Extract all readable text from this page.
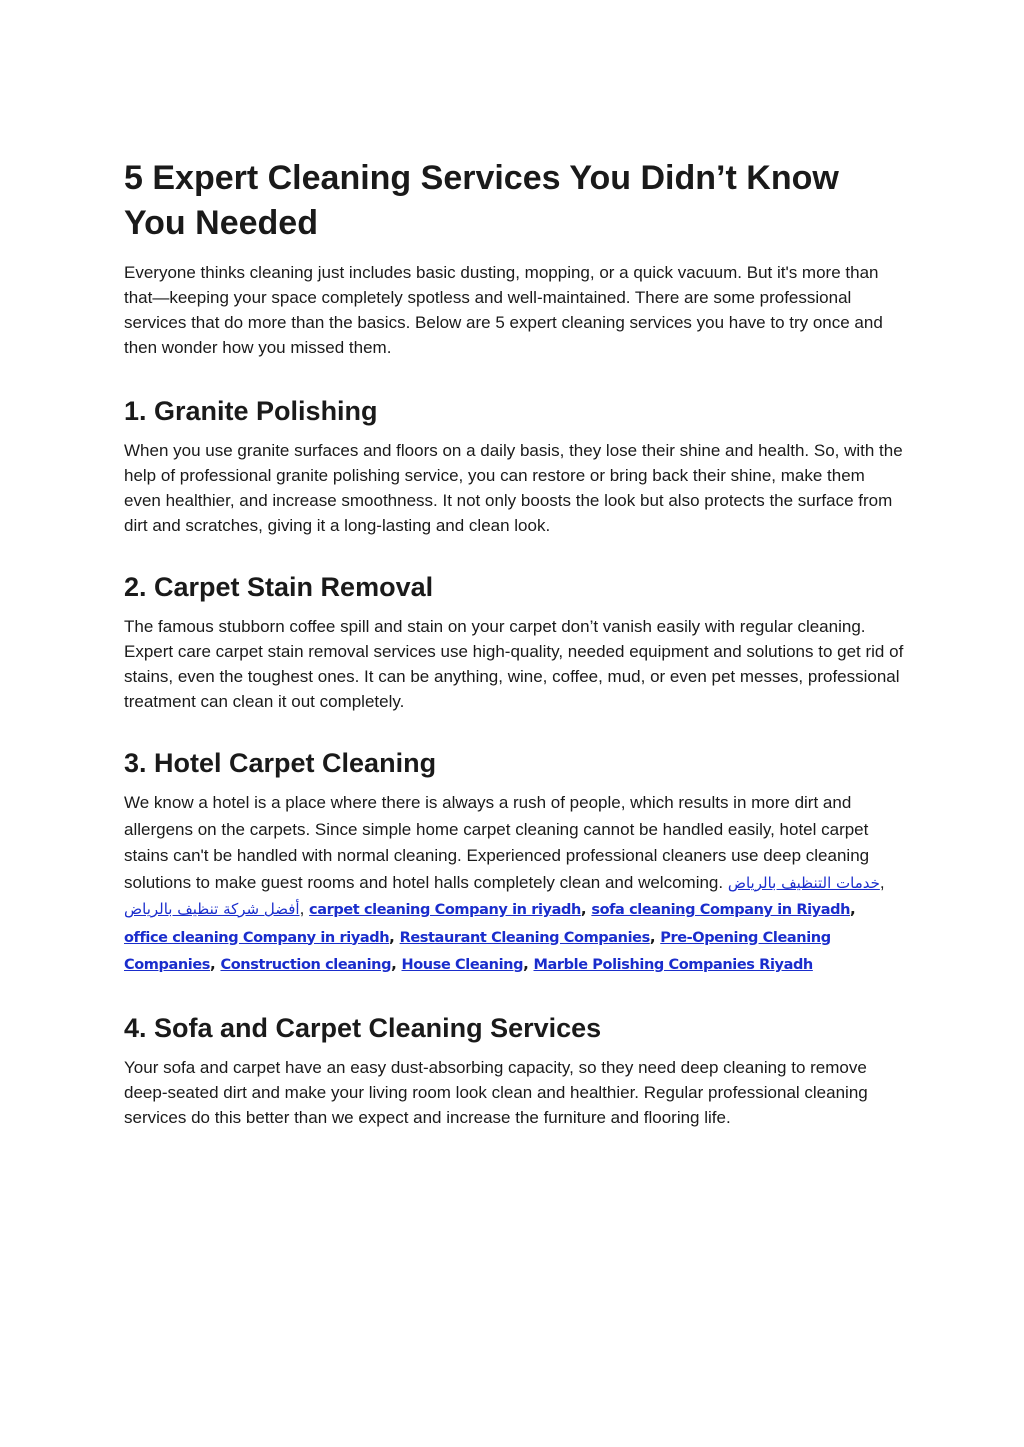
5 Expert Cleaning Services You Didn’t Know You Needed

Everyone thinks cleaning just includes basic dusting, mopping, or a quick vacuum. But it's more than that—keeping your space completely spotless and well-maintained. There are some professional services that do more than the basics. Below are 5 expert cleaning services you have to try once and then wonder how you missed them.

1. Granite Polishing

When you use granite surfaces and floors on a daily basis, they lose their shine and health. So, with the help of professional granite polishing service, you can restore or bring back their shine, make them even healthier, and increase smoothness. It not only boosts the look but also protects the surface from dirt and scratches, giving it a long-lasting and clean look.

2. Carpet Stain Removal

The famous stubborn coffee spill and stain on your carpet don’t vanish easily with regular cleaning. Expert care carpet stain removal services use high-quality, needed equipment and solutions to get rid of stains, even the toughest ones. It can be anything, wine, coffee, mud, or even pet messes, professional treatment can clean it out completely.

3. Hotel Carpet Cleaning

We know a hotel is a place where there is always a rush of people, which results in more dirt and allergens on the carpets. Since simple home carpet cleaning cannot be handled easily, hotel carpet stains can't be handled with normal cleaning. Experienced professional cleaners use deep cleaning solutions to make guest rooms and hotel halls completely clean and welcoming. خدمات التنظيف بالرياض, أفضل شركة تنظيف بالرياض, carpet cleaning Company in riyadh, sofa cleaning Company in Riyadh, office cleaning Company in riyadh, Restaurant Cleaning Companies, Pre-Opening Cleaning Companies, Construction cleaning, House Cleaning, Marble Polishing Companies Riyadh

4. Sofa and Carpet Cleaning Services

Your sofa and carpet have an easy dust-absorbing capacity, so they need deep cleaning to remove deep-seated dirt and make your living room look clean and healthier. Regular professional cleaning services do this better than we expect and increase the furniture and flooring life.
